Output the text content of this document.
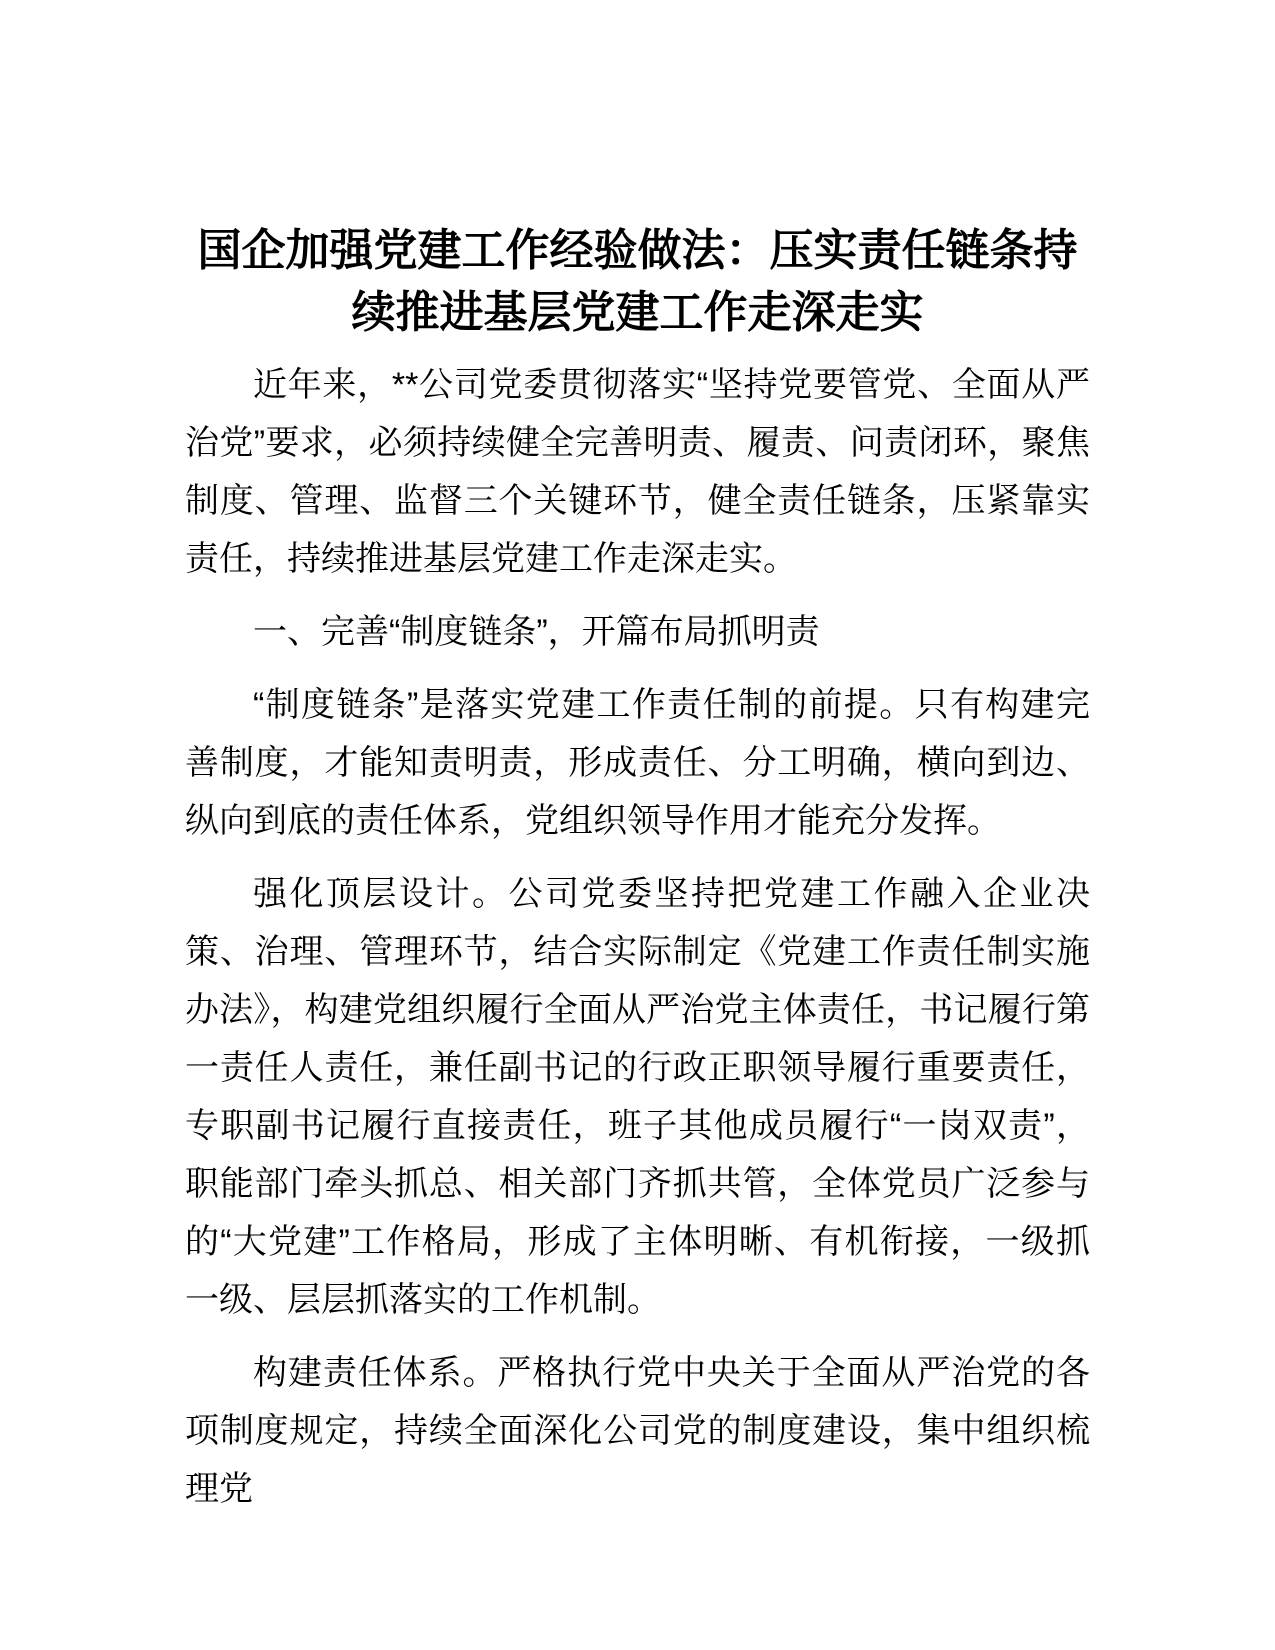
国企加强党建工作经验做法：压实责任链条持续推进基层党建工作走深走实

近年来，**公司党委贯彻落实“坚持党要管党、全面从严治党”要求，必须持续健全完善明责、履责、问责闭环，聚焦制度、管理、监督三个关键环节，健全责任链条，压紧靠实责任，持续推进基层党建工作走深走实。

一、完善“制度链条”，开篇布局抓明责

“制度链条”是落实党建工作责任制的前提。只有构建完善制度，才能知责明责，形成责任、分工明确，横向到边、纵向到底的责任体系，党组织领导作用才能充分发挥。

强化顶层设计。公司党委坚持把党建工作融入企业决策、治理、管理环节，结合实际制定《党建工作责任制实施办法》，构建党组织履行全面从严治党主体责任，书记履行第一责任人责任，兼任副书记的行政正职领导履行重要责任，专职副书记履行直接责任，班子其他成员履行“一岗双责”，职能部门牵头抓总、相关部门齐抓共管，全体党员广泛参与的“大党建”工作格局，形成了主体明晰、有机衔接，一级抓一级、层层抓落实的工作机制。

构建责任体系。严格执行党中央关于全面从严治党的各项制度规定，持续全面深化公司党的制度建设，集中组织梳理党
